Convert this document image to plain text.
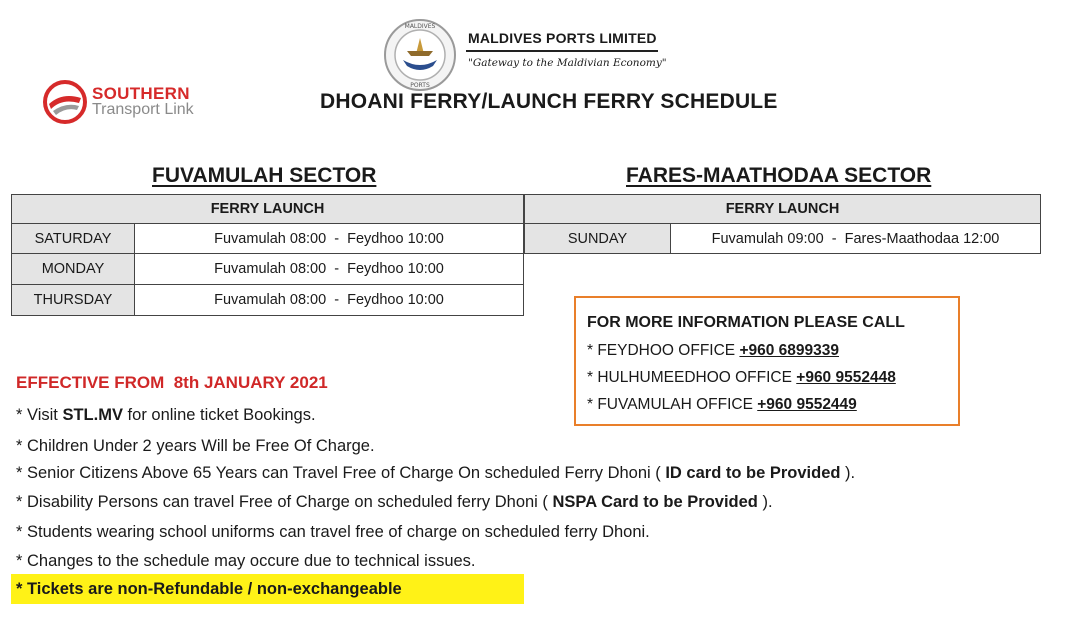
MALDIVES
PORTS
MALDIVES PORTS LIMITED
"Gateway to the Maldivian Economy"
SOUTHERN
Transport Link	DHOANI FERRY/LAUNCH FERRY SCHEDULE
FUVAMULAH SECTOR	FARES-MAATHODAA SECTOR
FERRY LAUNCH	
SATURDAY	Fuvamulah 08:00  -  Feydhoo 10:00
MONDAY	Fuvamulah 08:00  -  Feydhoo 10:00
THURSDAY	Fuvamulah 08:00  -  Feydhoo 10:00
FERRY LAUNCH
SUNDAY	Fuvamulah 09:00  -  Fares-Maathodaa 12:00
FOR MORE INFORMATION PLEASE CALL
* FEYDHOO OFFICE +960 6899339
* HULHUMEEDHOO OFFICE +960 9552448
* FUVAMULAH OFFICE +960 9552449
EFFECTIVE FROM  8th JANUARY 2021
* Visit STL.MV for online ticket Bookings.
* Children Under 2 years Will be Free Of Charge.
* Senior Citizens Above 65 Years can Travel Free of Charge On scheduled Ferry Dhoni ( ID card to be Provided ).
* Disability Persons can travel Free of Charge on scheduled ferry Dhoni ( NSPA Card to be Provided ).
* Students wearing school uniforms can travel free of charge on scheduled ferry Dhoni.
* Changes to the schedule may occure due to technical issues.
* Tickets are non-Refundable / non-exchangeable
